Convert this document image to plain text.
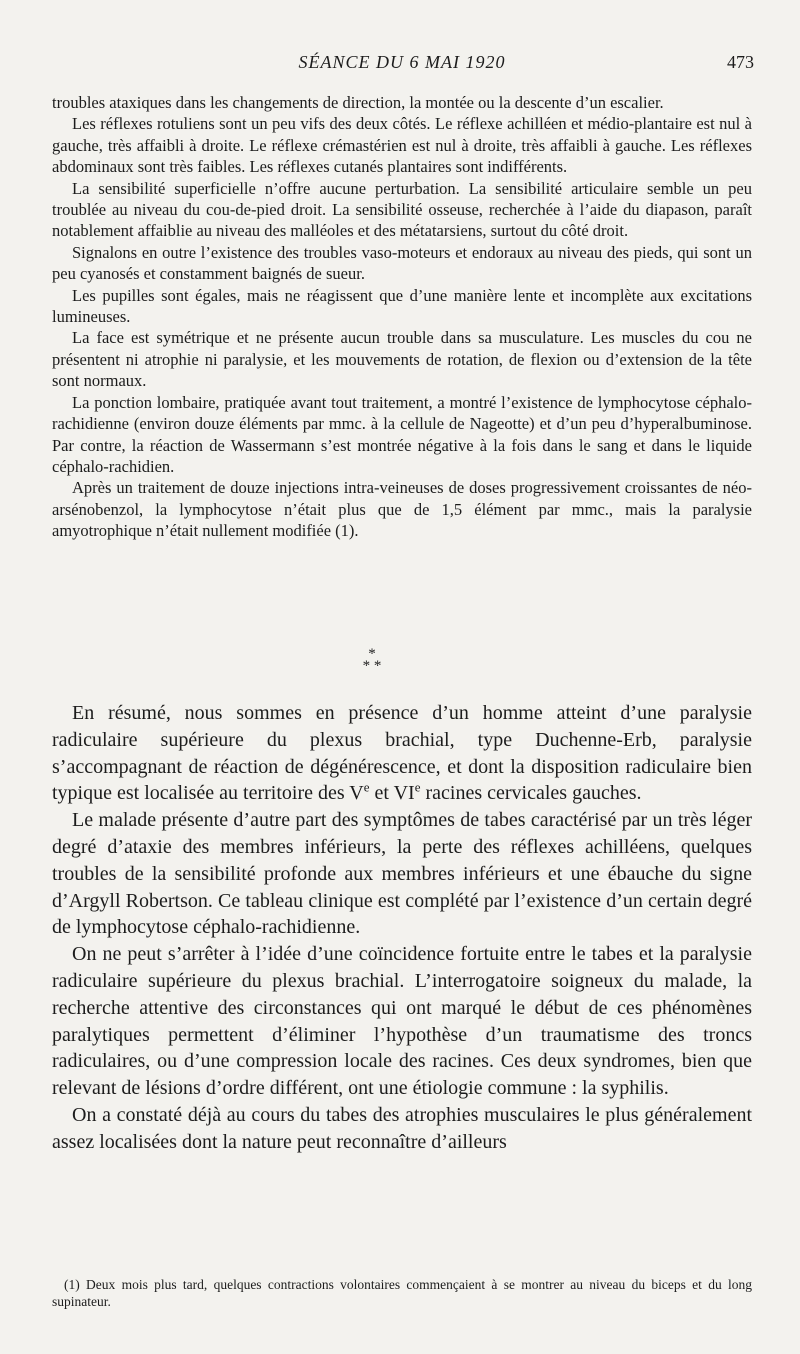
SÉANCE DU 6 MAI 1920	473

troubles ataxiques dans les changements de direction, la montée ou la descente d’un escalier.

Les réflexes rotuliens sont un peu vifs des deux côtés. Le réflexe achilléen et médio-plantaire est nul à gauche, très affaibli à droite. Le réflexe crémastérien est nul à droite, très affaibli à gauche. Les réflexes abdominaux sont très faibles. Les réflexes cutanés plantaires sont indifférents.

La sensibilité superficielle n’offre aucune perturbation. La sensibilité articulaire semble un peu troublée au niveau du cou-de-pied droit. La sensibilité osseuse, recherchée à l’aide du diapason, paraît notablement affaiblie au niveau des malléoles et des métatarsiens, surtout du côté droit.

Signalons en outre l’existence des troubles vaso-moteurs et endoraux au niveau des pieds, qui sont un peu cyanosés et constamment baignés de sueur.

Les pupilles sont égales, mais ne réagissent que d’une manière lente et incomplète aux excitations lumineuses.

La face est symétrique et ne présente aucun trouble dans sa musculature. Les muscles du cou ne présentent ni atrophie ni paralysie, et les mouvements de rotation, de flexion ou d’extension de la tête sont normaux.

La ponction lombaire, pratiquée avant tout traitement, a montré l’existence de lymphocytose céphalo-rachidienne (environ douze éléments par mmc. à la cellule de Nageotte) et d’un peu d’hyperalbuminose. Par contre, la réaction de Wassermann s’est montrée négative à la fois dans le sang et dans le liquide céphalo-rachidien.

Après un traitement de douze injections intra-veineuses de doses progressivement croissantes de néo-arsénobenzol, la lymphocytose n’était plus que de 1,5 élément par mmc., mais la paralysie amyotrophique n’était nullement modifiée (1).

*
* *

En résumé, nous sommes en présence d’un homme atteint d’une paralysie radiculaire supérieure du plexus brachial, type Duchenne-Erb, paralysie s’accompagnant de réaction de dégénérescence, et dont la disposition radiculaire bien typique est localisée au territoire des Ve et VIe racines cervicales gauches.

Le malade présente d’autre part des symptômes de tabes caractérisé par un très léger degré d’ataxie des membres inférieurs, la perte des réflexes achilléens, quelques troubles de la sensibilité profonde aux membres inférieurs et une ébauche du signe d’Argyll Robertson. Ce tableau clinique est complété par l’existence d’un certain degré de lymphocytose céphalo-rachidienne.

On ne peut s’arrêter à l’idée d’une coïncidence fortuite entre le tabes et la paralysie radiculaire supérieure du plexus brachial. L’interrogatoire soigneux du malade, la recherche attentive des circonstances qui ont marqué le début de ces phénomènes paralytiques permettent d’éliminer l’hypothèse d’un traumatisme des troncs radiculaires, ou d’une compression locale des racines. Ces deux syndromes, bien que relevant de lésions d’ordre différent, ont une étiologie commune : la syphilis.

On a constaté déjà au cours du tabes des atrophies musculaires le plus généralement assez localisées dont la nature peut reconnaître d’ailleurs

(1) Deux mois plus tard, quelques contractions volontaires commençaient à se montrer au niveau du biceps et du long supinateur.
